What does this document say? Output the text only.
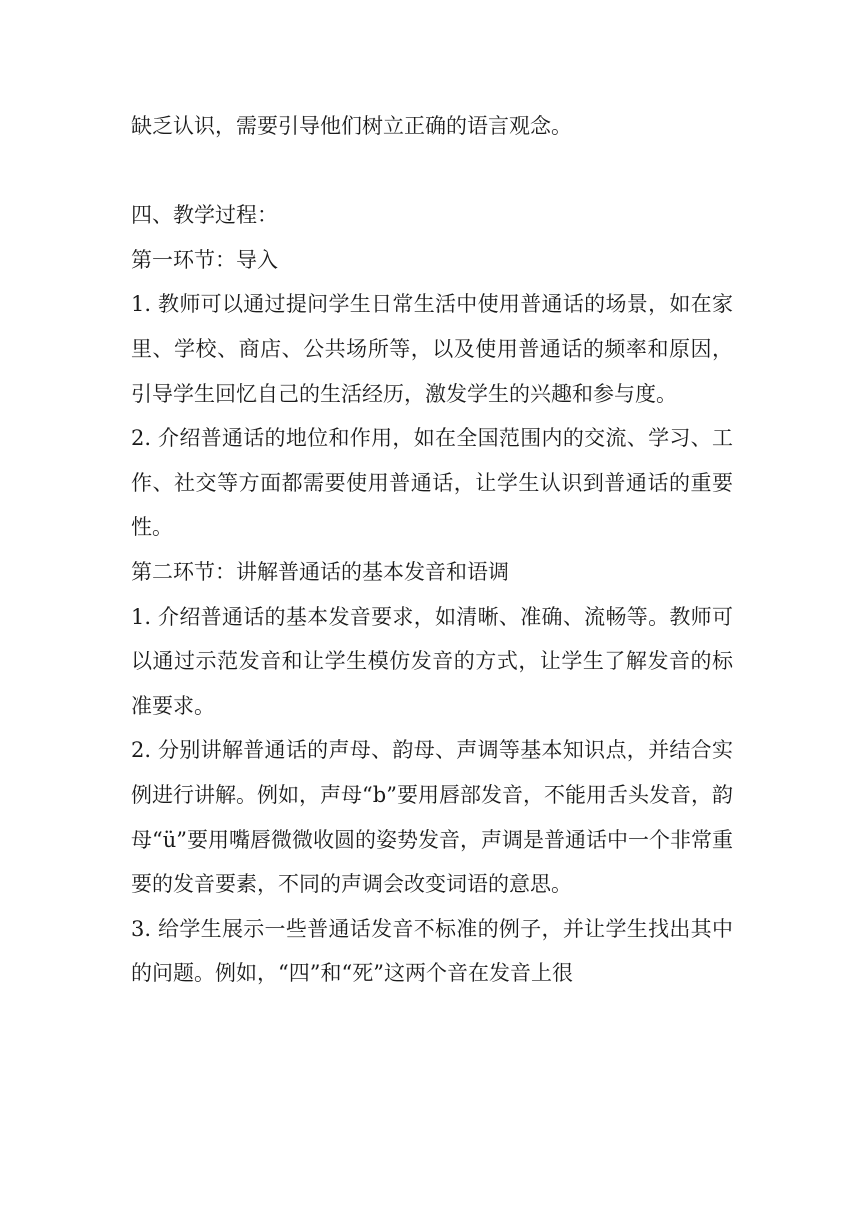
缺乏认识，需要引导他们树立正确的语言观念。

四、教学过程：

第一环节：导入

1. 教师可以通过提问学生日常生活中使用普通话的场景，如在家里、学校、商店、公共场所等，以及使用普通话的频率和原因，引导学生回忆自己的生活经历，激发学生的兴趣和参与度。

2. 介绍普通话的地位和作用，如在全国范围内的交流、学习、工作、社交等方面都需要使用普通话，让学生认识到普通话的重要性。

第二环节：讲解普通话的基本发音和语调

1. 介绍普通话的基本发音要求，如清晰、准确、流畅等。教师可以通过示范发音和让学生模仿发音的方式，让学生了解发音的标准要求。

2. 分别讲解普通话的声母、韵母、声调等基本知识点，并结合实例进行讲解。例如，声母“b”要用唇部发音，不能用舌头发音，韵母“ü”要用嘴唇微微收圆的姿势发音，声调是普通话中一个非常重要的发音要素，不同的声调会改变词语的意思。

3. 给学生展示一些普通话发音不标准的例子，并让学生找出其中的问题。例如，“四”和“死”这两个音在发音上很
